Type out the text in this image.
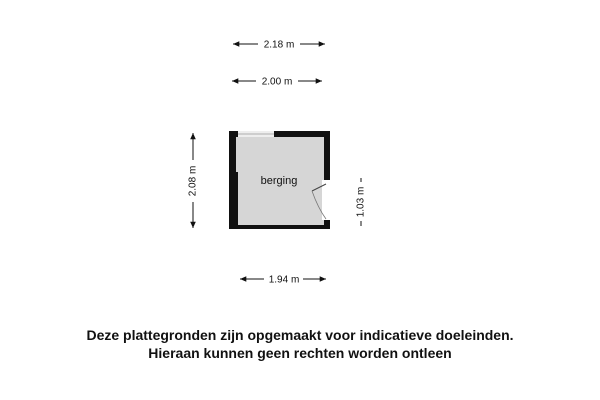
2.18 m
2.00 m
2.08 m
1.03 m
1.94 m
berging
Deze plattegronden zijn opgemaakt voor indicatieve doeleinden.
Hieraan kunnen geen rechten worden ontleen
